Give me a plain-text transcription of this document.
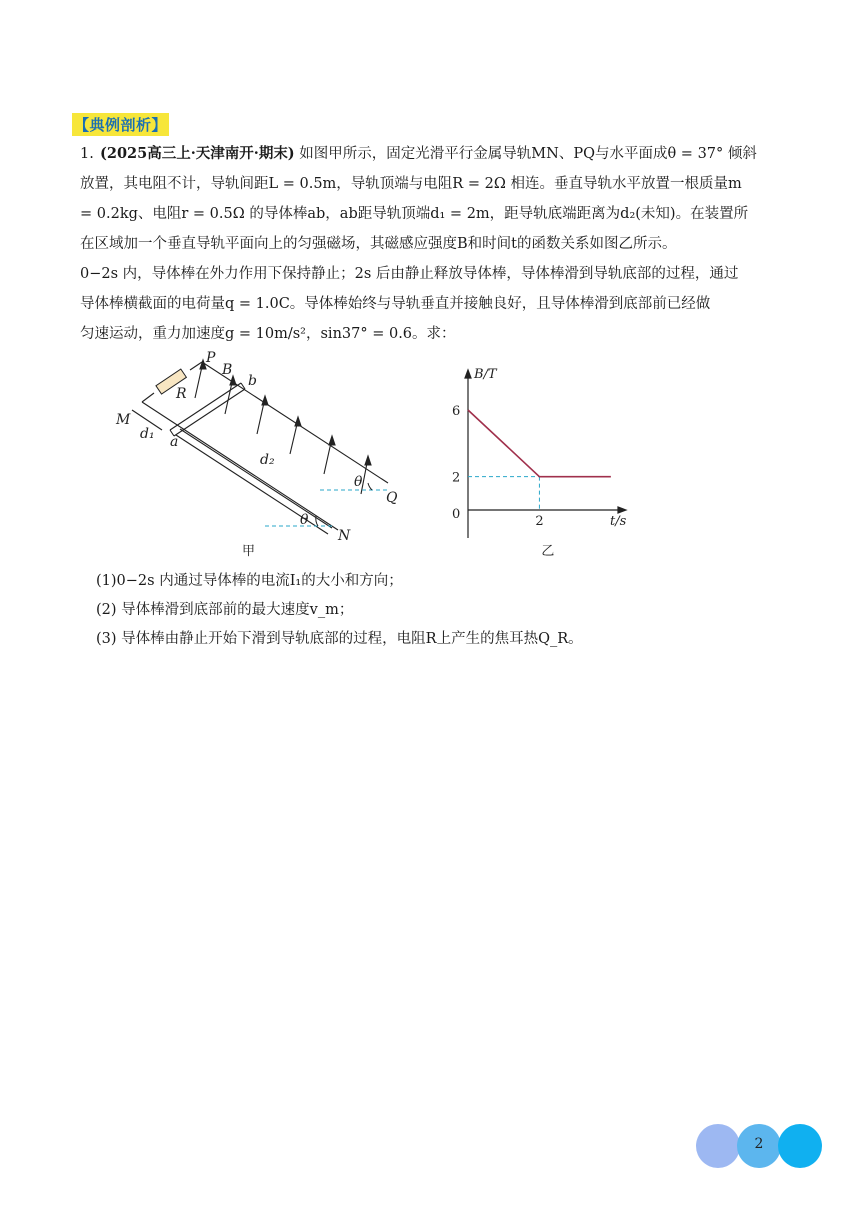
【典例剖析】

1. (2025高三上·天津南开·期末) 如图甲所示，固定光滑平行金属导轨MN、PQ与水平面成θ = 37° 倾斜

放置，其电阻不计，导轨间距L = 0.5m，导轨顶端与电阻R = 2Ω 相连。垂直导轨水平放置一根质量m

= 0.2kg、电阻r = 0.5Ω 的导体棒ab，ab距导轨顶端d₁ = 2m，距导轨底端距离为d₂(未知)。在装置所

在区域加一个垂直导轨平面向上的匀强磁场，其磁感应强度B和时间t的函数关系如图乙所示。

0−2s 内，导体棒在外力作用下保持静止；2s 后由静止释放导体棒，导体棒滑到导轨底部的过程，通过

导体棒横截面的电荷量q = 1.0C。导体棒始终与导轨垂直并接触良好，且导体棒滑到底部前已经做

匀速运动，重力加速度g = 10m/s²，sin37° = 0.6。求：

P
B
b
R
M
d₁ a
d₂
θ
Q
θ
N
甲
B/T
t/s
0	2
2
6
乙

(1)0−2s 内通过导体棒的电流I₁的大小和方向；

(2) 导体棒滑到底部前的最大速度v_m；

(3) 导体棒由静止开始下滑到导轨底部的过程，电阻R上产生的焦耳热Q_R。

2
